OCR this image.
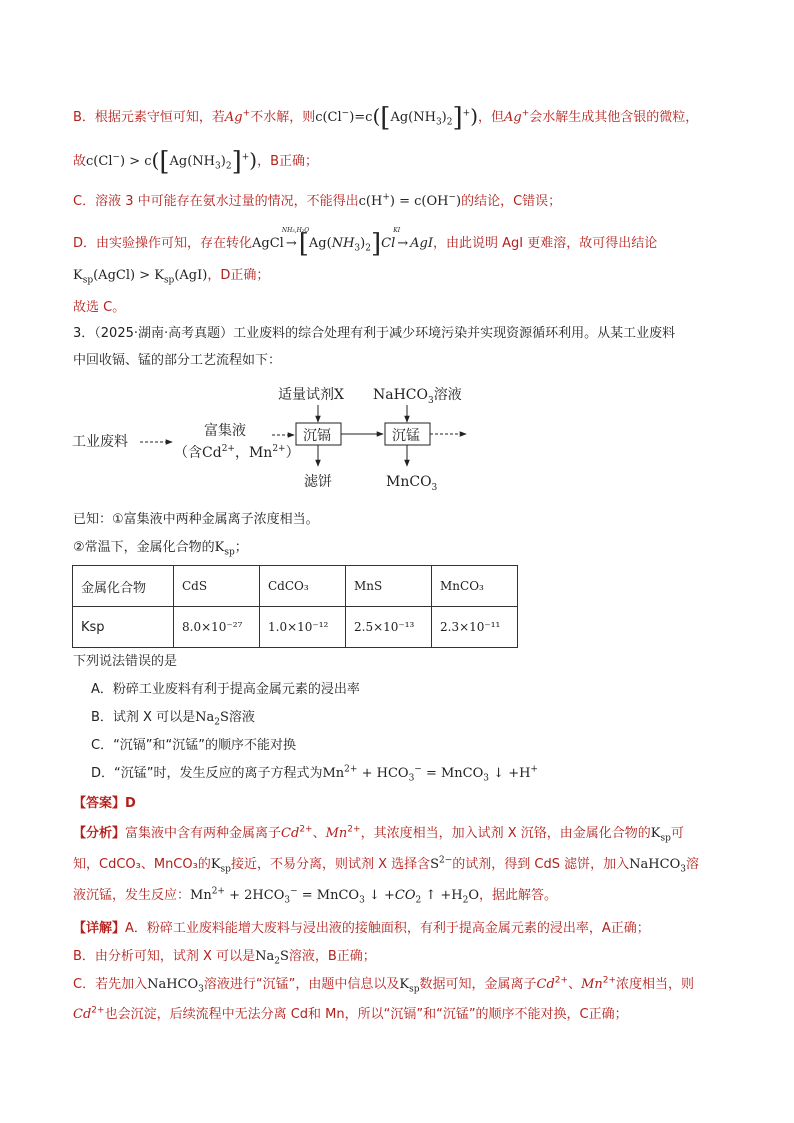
B．根据元素守恒可知，若Ag+不水解，则$c(Cl^-)=c([Ag(NH_3)_2]^+)$，但Ag+会水解生成其他含银的微粒，
故$c(Cl^-) > c([Ag(NH_3)_2]^+)$，B正确；
C．溶液 3 中可能存在氨水过量的情况，不能得出c(H+) = c(OH−)的结论，C错误；
D．由实验操作可知，存在转化AgCl
NH₃,H₂O
$\to[Ag(NH_3)_2]Cl$
KI
→ AgI，由此说明 AgI 更难溶，故可得出结论
$K_{sp}(AgCl) > K_{sp}(AgI)$，D正确；
故选 C。
3．（2025·湖南·高考真题）工业废料的综合处理有利于减少环境污染并实现资源循环利用。从某工业废料
中回收镉、锰的部分工艺流程如下：
适量试剂X NaHCO$_3$溶液
工业废料
富集液
（含$Cd^{2+}$，$Mn^{2+}$）
沉镉	沉锰
滤饼	MnCO$_3$
已知：①富集液中两种金属离子浓度相当。
②常温下，金属化合物的$K_{sp}$；
金属化合物	CdS	CdCO₃	MnS	MnCO₃
Ksp	8.0×10⁻²⁷	1.0×10⁻¹²	2.5×10⁻¹³	2.3×10⁻¹¹
下列说法错误的是
A．粉碎工业废料有利于提高金属元素的浸出率
B．试剂 X 可以是$Na_2S$溶液
C．“沉镉”和“沉锰”的顺序不能对换
D．“沉锰”时，发生反应的离子方程式为$Mn^{2+} + HCO_3^-$ = MnCO$_3$ ↓ +H+
【答案】D
【分析】富集液中含有两种金属离子$Cd^{2+}$、$Mn^{2+}$，其浓度相当，加入试剂 X 沉铬，由金属化合物的$K_{sp}$可
知，CdCO₃、MnCO₃的$K_{sp}$接近，不易分离，则试剂 X 选择含$S^{2-}$的试剂，得到 CdS 滤饼，加入NaHCO$_3$溶
液沉锰，发生反应：$Mn^{2+} + 2HCO_3^-$ = MnCO$_3$ ↓ $+CO_2$ ↑ $+H_2O$，据此解答。
【详解】A．粉碎工业废料能增大废料与浸出液的接触面积，有利于提高金属元素的浸出率，A正确；
B．由分析可知，试剂 X 可以是$Na_2S$溶液，B正确；
C．若先加入NaHCO$_3$溶液进行“沉锰”，由题中信息以及$K_{sp}$数据可知，金属离子$Cd^{2+}$、$Mn^{2+}$浓度相当，则
$Cd^{2+}$也会沉淀，后续流程中无法分离 Cd和 Mn，所以“沉镉”和“沉锰”的顺序不能对换，C正确；
